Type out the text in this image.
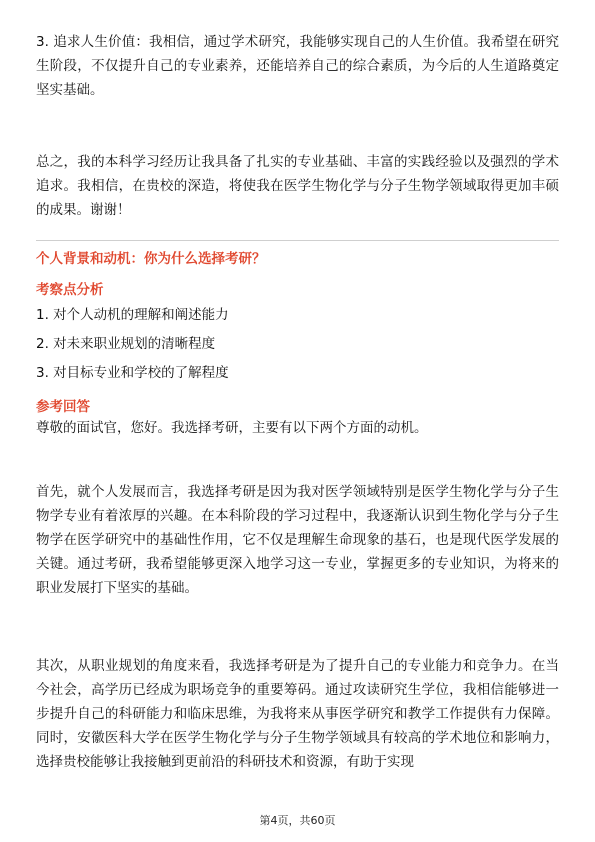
3. 追求人生价值：我相信，通过学术研究，我能够实现自己的人生价值。我希望在研究生阶段，不仅提升自己的专业素养，还能培养自己的综合素质，为今后的人生道路奠定坚实基础。

总之，我的本科学习经历让我具备了扎实的专业基础、丰富的实践经验以及强烈的学术追求。我相信，在贵校的深造，将使我在医学生物化学与分子生物学领域取得更加丰硕的成果。谢谢！

个人背景和动机：你为什么选择考研？

考察点分析

1. 对个人动机的理解和阐述能力

2. 对未来职业规划的清晰程度

3. 对目标专业和学校的了解程度

参考回答

尊敬的面试官，您好。我选择考研，主要有以下两个方面的动机。

首先，就个人发展而言，我选择考研是因为我对医学领域特别是医学生物化学与分子生物学专业有着浓厚的兴趣。在本科阶段的学习过程中，我逐渐认识到生物化学与分子生物学在医学研究中的基础性作用，它不仅是理解生命现象的基石，也是现代医学发展的关键。通过考研，我希望能够更深入地学习这一专业，掌握更多的专业知识，为将来的职业发展打下坚实的基础。

其次，从职业规划的角度来看，我选择考研是为了提升自己的专业能力和竞争力。在当今社会，高学历已经成为职场竞争的重要筹码。通过攻读研究生学位，我相信能够进一步提升自己的科研能力和临床思维，为我将来从事医学研究和教学工作提供有力保障。同时，安徽医科大学在医学生物化学与分子生物学领域具有较高的学术地位和影响力，选择贵校能够让我接触到更前沿的科研技术和资源，有助于实现

第4页，共60页
